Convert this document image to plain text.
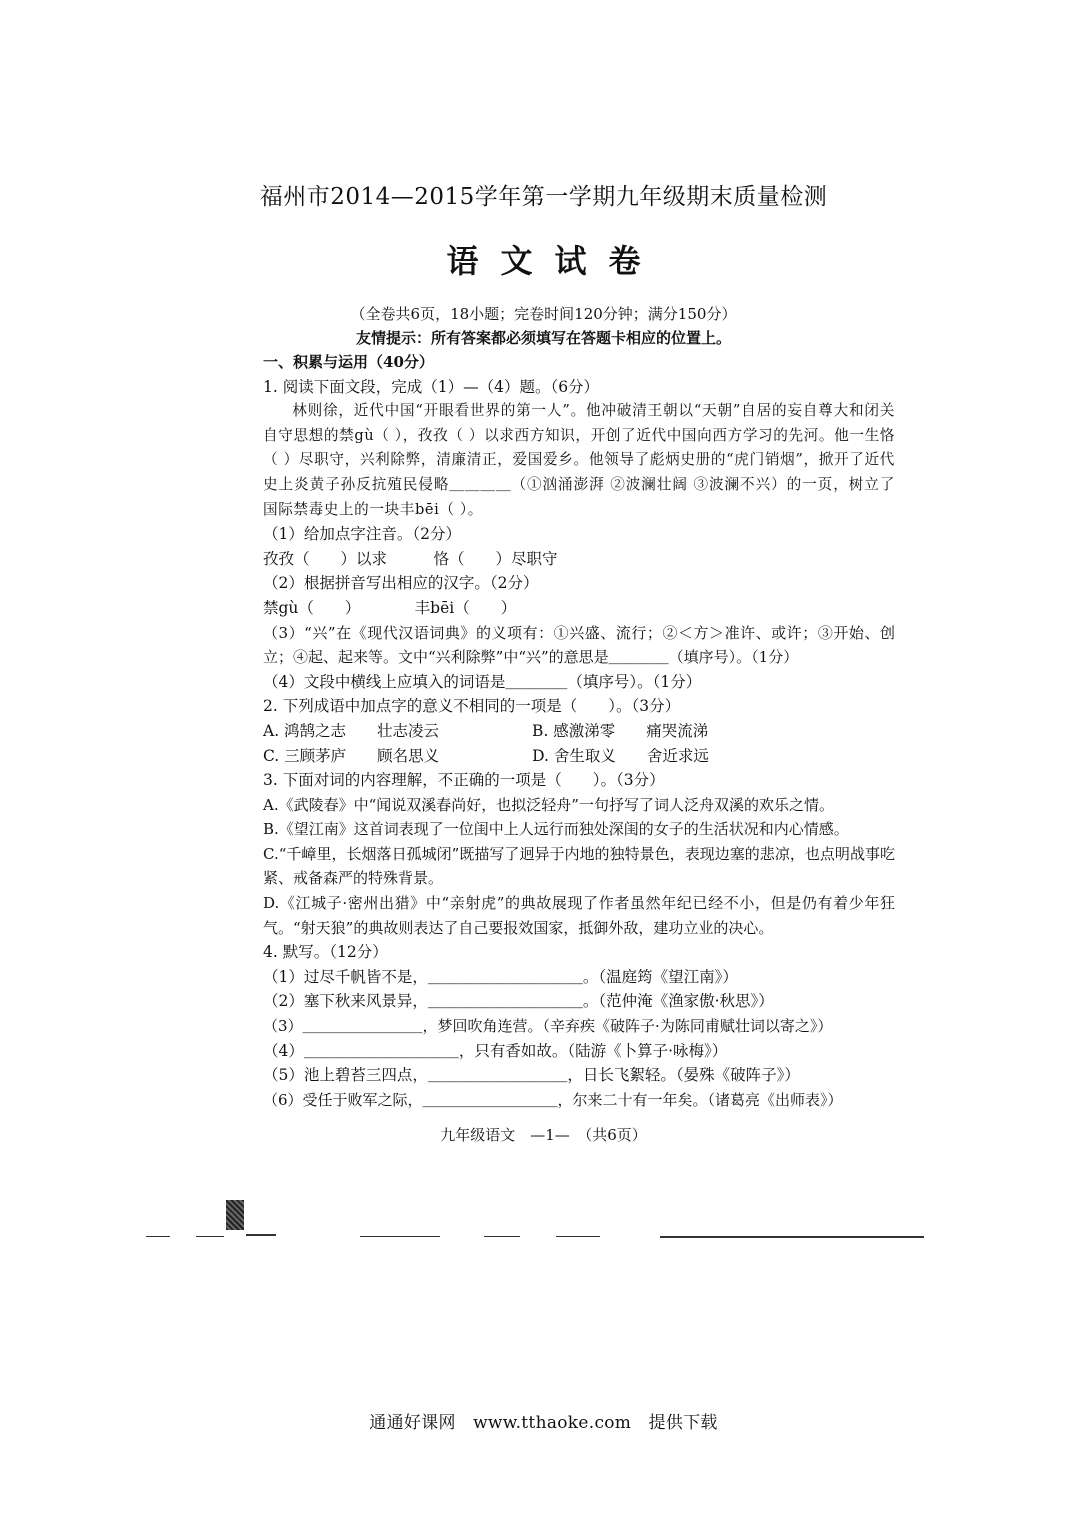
福州市2014—2015学年第一学期九年级期末质量检测
语文试卷
（全卷共6页，18小题；完卷时间120分钟；满分150分）
友情提示：所有答案都必须填写在答题卡相应的位置上。

一、积累与运用（40分）

1. 阅读下面文段，完成（1）—（4）题。（6分）

林则徐，近代中国“开眼看世界的第一人”。他冲破清王朝以“天朝”自居的妄自尊大和闭关自守思想的禁gù（ ），孜孜（ ）以求西方知识，开创了近代中国向西方学习的先河。他一生恪（ ）尽职守，兴利除弊，清廉清正，爱国爱乡。他领导了彪炳史册的“虎门销烟”，掀开了近代史上炎黄子孙反抗殖民侵略＿＿＿＿（①汹涌澎湃 ②波澜壮阔 ③波澜不兴）的一页，树立了国际禁毒史上的一块丰bēi（ ）。

（1）给加点字注音。（2分）

孜孜（　　）以求　　　恪（　　）尽职守

（2）根据拼音写出相应的汉字。（2分）

禁gù（　　）　　　　丰bēi（　　）

（3）“兴”在《现代汉语词典》的义项有：①兴盛、流行；②＜方＞准许、或许；③开始、创立；④起、起来等。文中“兴利除弊”中“兴”的意思是＿＿＿＿（填序号）。（1分）

（4）文段中横线上应填入的词语是＿＿＿＿（填序号）。（1分）

2. 下列成语中加点字的意义不相同的一项是（　　）。（3分）

A. 鸿鹄之志　　壮志凌云　　　　　　B. 感激涕零　　痛哭流涕

C. 三顾茅庐　　顾名思义　　　　　　D. 舍生取义　　舍近求远

3. 下面对词的内容理解，不正确的一项是（　　）。（3分）

A.《武陵春》中“闻说双溪春尚好，也拟泛轻舟”一句抒写了词人泛舟双溪的欢乐之情。

B.《望江南》这首词表现了一位闺中上人远行而独处深闺的女子的生活状况和内心情感。

C.“千嶂里，长烟落日孤城闭”既描写了迥异于内地的独特景色，表现边塞的悲凉，也点明战事吃紧、戒备森严的特殊背景。

D.《江城子·密州出猎》中“亲射虎”的典故展现了作者虽然年纪已经不小，但是仍有着少年狂气。“射天狼”的典故则表达了自己要报效国家，抵御外敌，建功立业的决心。

4. 默写。（12分）

（1）过尽千帆皆不是，＿＿＿＿＿＿＿＿＿＿。（温庭筠《望江南》）

（2）塞下秋来风景异，＿＿＿＿＿＿＿＿＿＿。（范仲淹《渔家傲·秋思》）

（3）＿＿＿＿＿＿＿＿，梦回吹角连营。（辛弃疾《破阵子·为陈同甫赋壮词以寄之》）

（4）＿＿＿＿＿＿＿＿＿＿，只有香如故。（陆游《卜算子·咏梅》）

（5）池上碧苔三四点，＿＿＿＿＿＿＿＿＿，日长飞絮轻。（晏殊《破阵子》）

（6）受任于败军之际，＿＿＿＿＿＿＿＿＿，尔来二十有一年矣。（诸葛亮《出师表》）

九年级语文　—1—　（共6页）
通通好课网　www.tthaoke.com　提供下载
